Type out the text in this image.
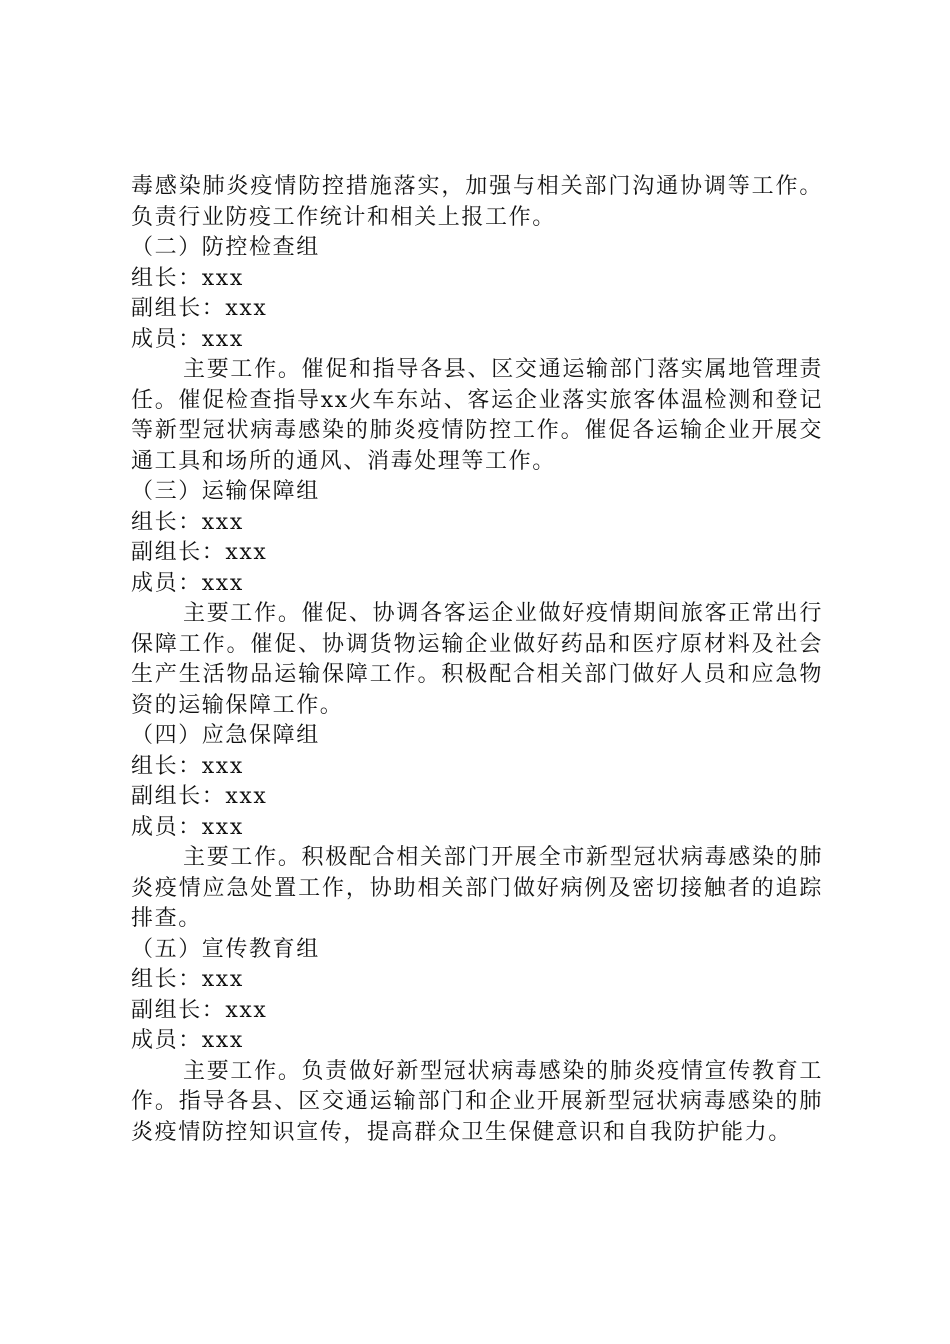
毒感染肺炎疫情防控措施落实，加强与相关部门沟通协调等工作。负责行业防疫工作统计和相关上报工作。

（二）防控检查组

组长：xxx

副组长：xxx

成员：xxx

主要工作。催促和指导各县、区交通运输部门落实属地管理责任。催促检查指导xx火车东站、客运企业落实旅客体温检测和登记等新型冠状病毒感染的肺炎疫情防控工作。催促各运输企业开展交通工具和场所的通风、消毒处理等工作。

（三）运输保障组

组长：xxx

副组长：xxx

成员：xxx

主要工作。催促、协调各客运企业做好疫情期间旅客正常出行保障工作。催促、协调货物运输企业做好药品和医疗原材料及社会生产生活物品运输保障工作。积极配合相关部门做好人员和应急物资的运输保障工作。

（四）应急保障组

组长：xxx

副组长：xxx

成员：xxx

主要工作。积极配合相关部门开展全市新型冠状病毒感染的肺炎疫情应急处置工作，协助相关部门做好病例及密切接触者的追踪排查。

（五）宣传教育组

组长：xxx

副组长：xxx

成员：xxx

主要工作。负责做好新型冠状病毒感染的肺炎疫情宣传教育工作。指导各县、区交通运输部门和企业开展新型冠状病毒感染的肺炎疫情防控知识宣传，提高群众卫生保健意识和自我防护能力。
